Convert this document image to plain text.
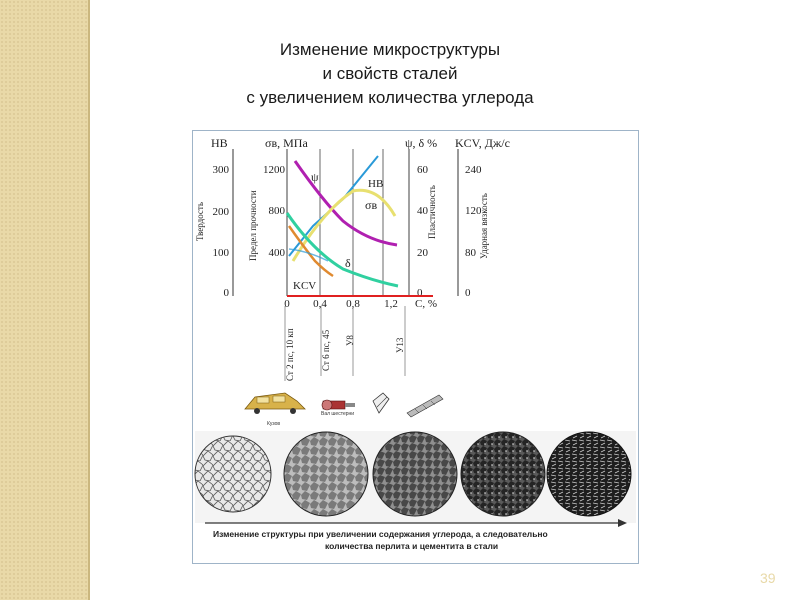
Изменение микроструктуры
и свойств сталей
с увеличением количества углерода
HB	σв, МПа	ψ, δ % KCV, Дж/с
Твердость	Предел прочности	Пластичность	Ударная вязкость
300
200
100
0
1200
800
400
60
40
20
0
240
120
80
0
0 0,4 0,8 1,2 С, %
ψ	HB
σв
δ
KCV
Ст 2 пс, 10 кп	Ст 6 пс, 45 У8	У13
Кузов
Вал шестерни
Изменение структуры при увеличении содержания углерода, а следовательно
количества перлита и цементита в стали
39
